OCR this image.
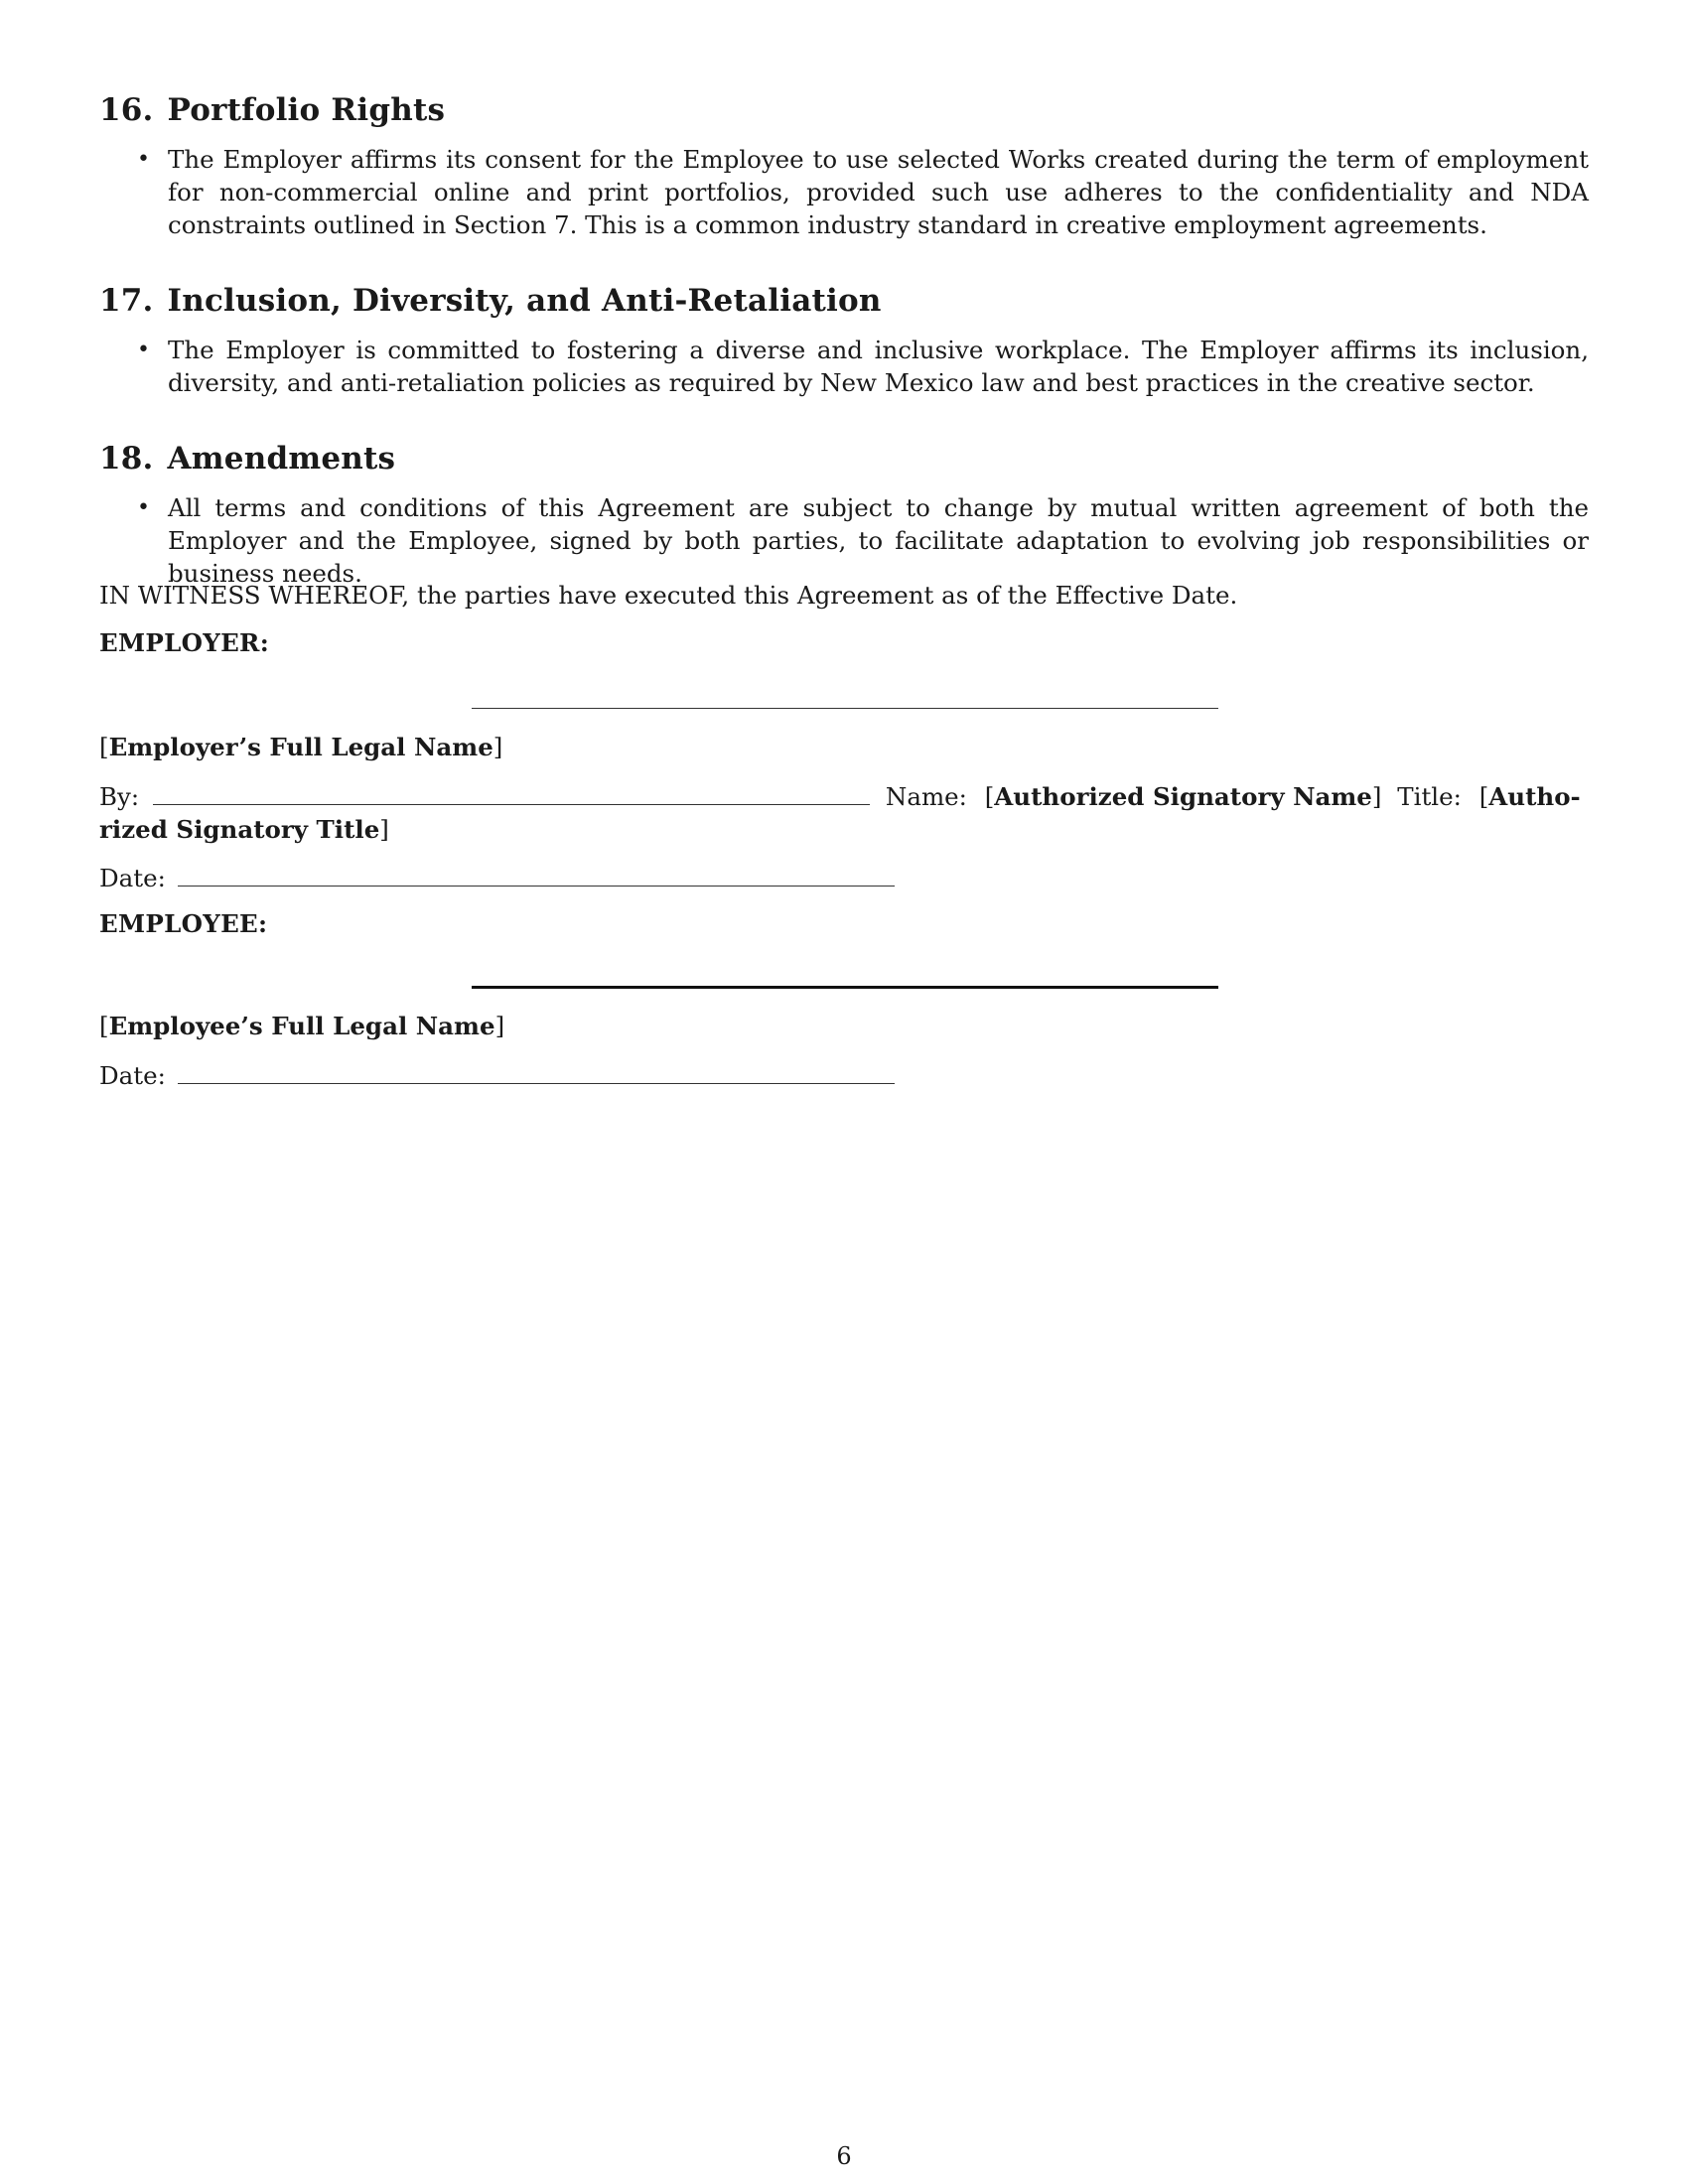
16. Portfolio Rights
• The Employer affirms its consent for the Employee to use selected Works created during the term of employment for non-commercial online and print portfolios, provided such use adheres to the confidentiality and NDA constraints outlined in Section 7. This is a common industry standard in creative employment agreements.
17. Inclusion, Diversity, and Anti-Retaliation
• The Employer is committed to fostering a diverse and inclusive workplace. The Employer affirms its inclusion, diversity, and anti-retaliation policies as required by New Mexico law and best practices in the creative sector.
18. Amendments
• All terms and conditions of this Agreement are subject to change by mutual written agreement of both the Employer and the Employee, signed by both parties, to facilitate adaptation to evolving job responsibilities or business needs.

IN WITNESS WHEREOF, the parties have executed this Agreement as of the Effective Date.

EMPLOYER:
[Employer’s Full Legal Name]
By:	Name: [Authorized Signatory Name] Title: [Autho-
rized Signatory Title]
Date:
EMPLOYEE:
[Employee’s Full Legal Name]
Date:
6
